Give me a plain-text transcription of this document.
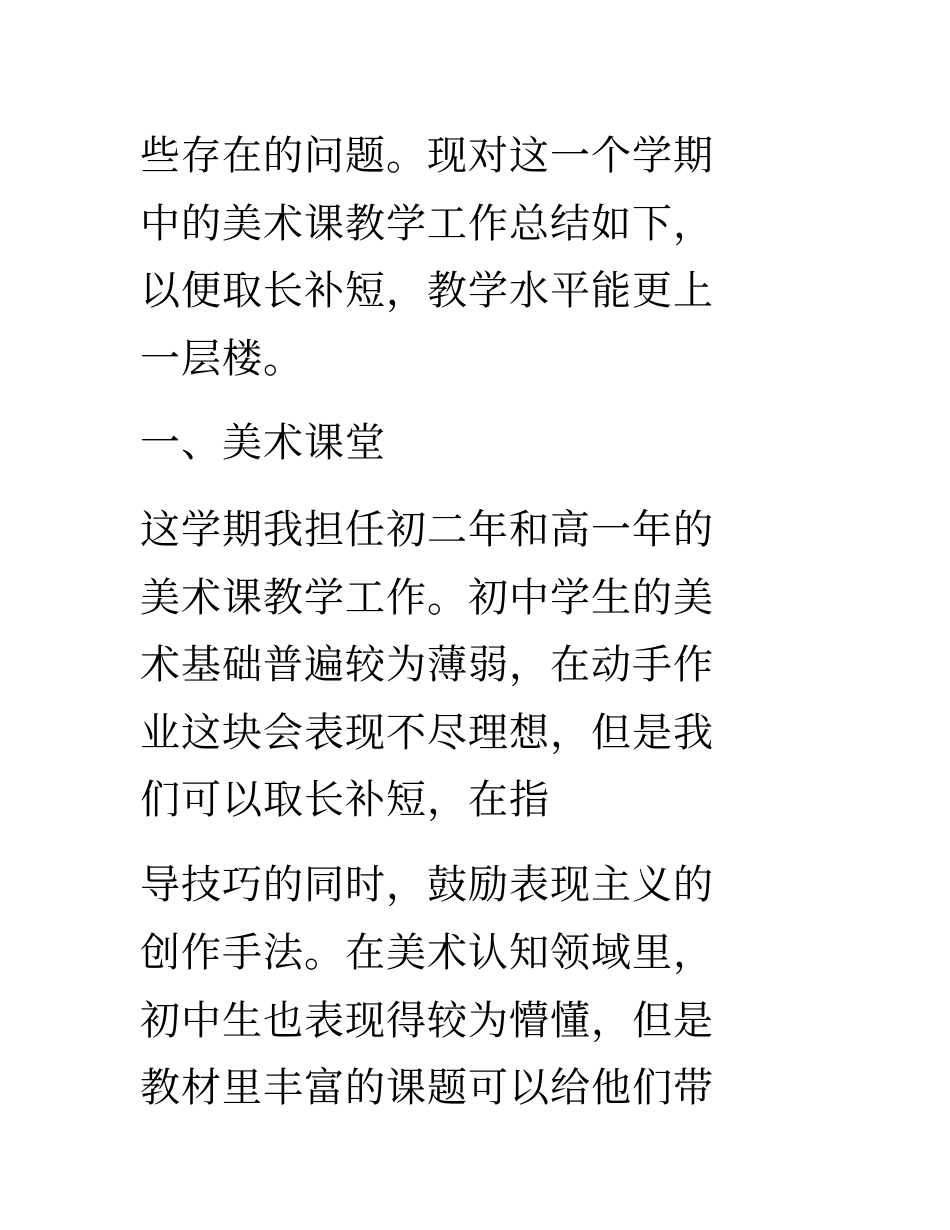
些存在的问题。现对这一个学期
中的美术课教学工作总结如下，
以便取长补短，教学水平能更上
一层楼。
一、美术课堂
这学期我担任初二年和高一年的
美术课教学工作。初中学生的美
术基础普遍较为薄弱，在动手作
业这块会表现不尽理想，但是我
们可以取长补短，在指
导技巧的同时，鼓励表现主义的
创作手法。在美术认知领域里，
初中生也表现得较为懵懂，但是
教材里丰富的课题可以给他们带
